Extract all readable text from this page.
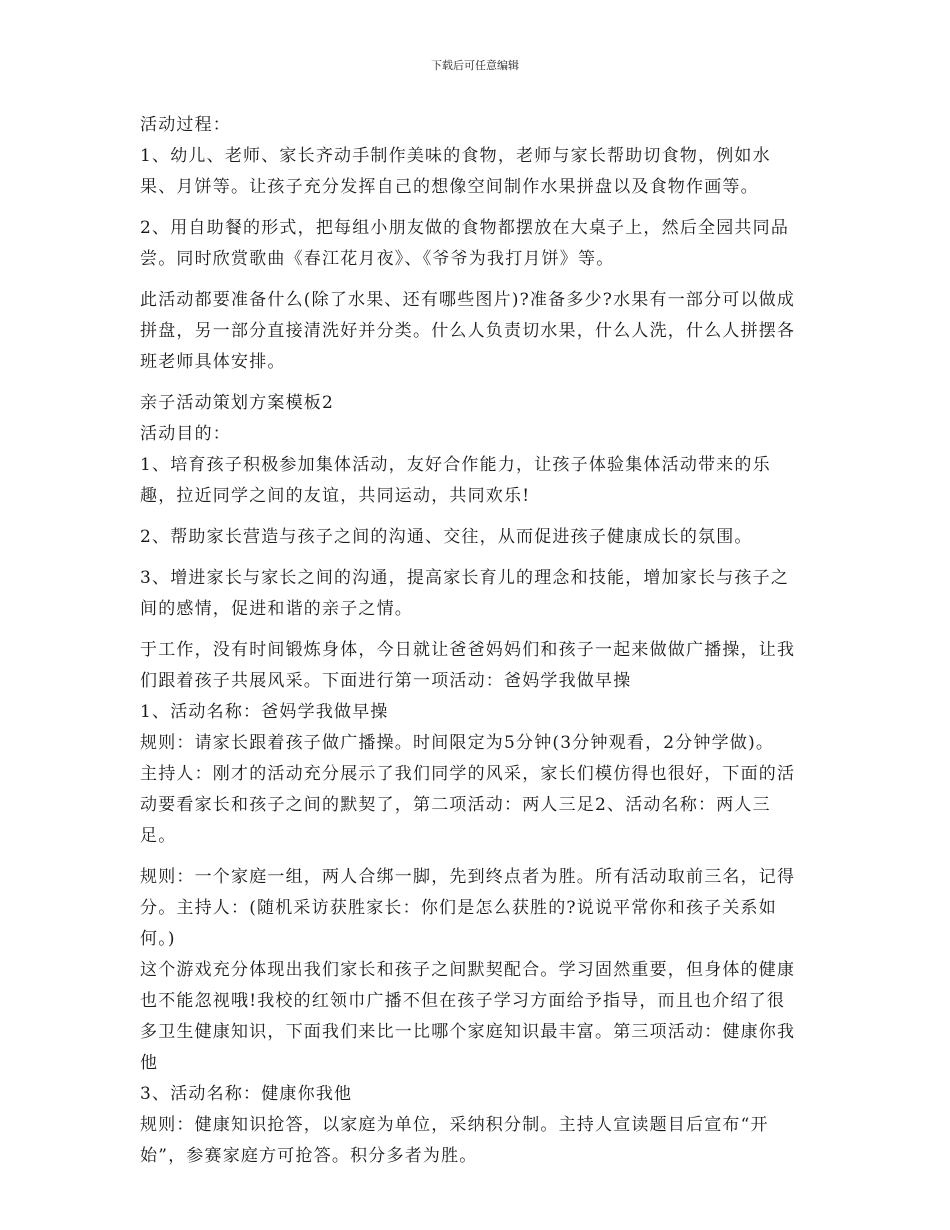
下载后可任意编辑

活动过程：

1、幼儿、老师、家长齐动手制作美味的食物，老师与家长帮助切食物，例如水
果、月饼等。让孩子充分发挥自己的想像空间制作水果拼盘以及食物作画等。

2、用自助餐的形式，把每组小朋友做的食物都摆放在大桌子上，然后全园共同品
尝。同时欣赏歌曲《春江花月夜》、《爷爷为我打月饼》等。

此活动都要准备什么(除了水果、还有哪些图片)?准备多少?水果有一部分可以做成
拼盘，另一部分直接清洗好并分类。什么人负责切水果，什么人洗，什么人拼摆各
班老师具体安排。

亲子活动策划方案模板2

活动目的：

1、培育孩子积极参加集体活动，友好合作能力，让孩子体验集体活动带来的乐
趣，拉近同学之间的友谊，共同运动，共同欢乐!

2、帮助家长营造与孩子之间的沟通、交往，从而促进孩子健康成长的氛围。

3、增进家长与家长之间的沟通，提高家长育儿的理念和技能，增加家长与孩子之
间的感情，促进和谐的亲子之情。

于工作，没有时间锻炼身体，今日就让爸爸妈妈们和孩子一起来做做广播操，让我
们跟着孩子共展风采。下面进行第一项活动：爸妈学我做早操

1、活动名称：爸妈学我做早操

规则：请家长跟着孩子做广播操。时间限定为5分钟(3分钟观看，2分钟学做)。

主持人：刚才的活动充分展示了我们同学的风采，家长们模仿得也很好，下面的活
动要看家长和孩子之间的默契了，第二项活动：两人三足2、活动名称：两人三
足。

规则：一个家庭一组，两人合绑一脚，先到终点者为胜。所有活动取前三名，记得
分。主持人：(随机采访获胜家长：你们是怎么获胜的?说说平常你和孩子关系如
何。)

这个游戏充分体现出我们家长和孩子之间默契配合。学习固然重要，但身体的健康
也不能忽视哦!我校的红领巾广播不但在孩子学习方面给予指导，而且也介绍了很
多卫生健康知识，下面我们来比一比哪个家庭知识最丰富。第三项活动：健康你我
他

3、活动名称：健康你我他

规则：健康知识抢答，以家庭为单位，采纳积分制。主持人宣读题目后宣布“开
始”，参赛家庭方可抢答。积分多者为胜。
